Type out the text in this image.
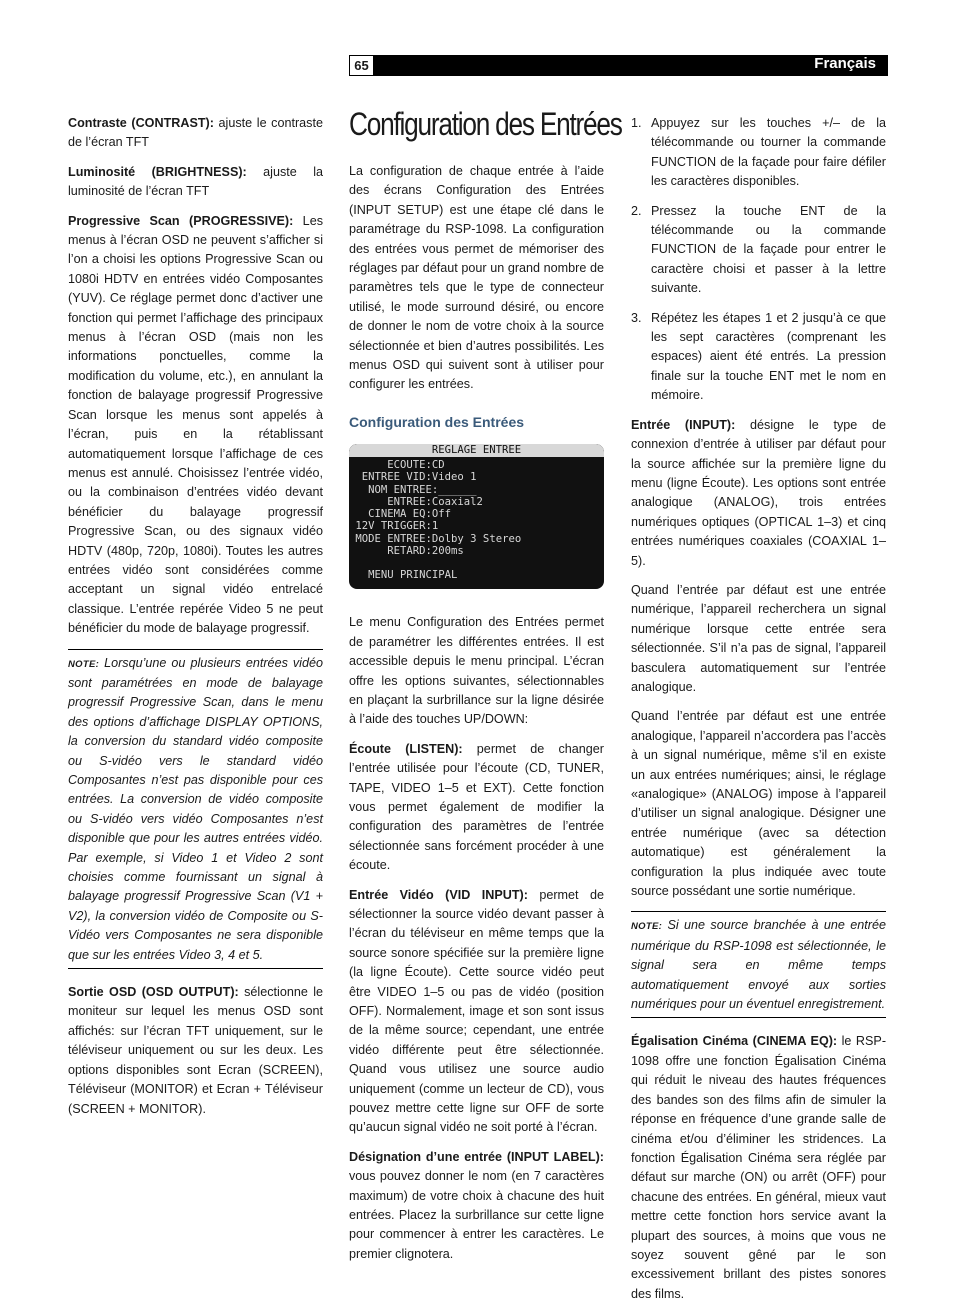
65	Français
Configuration des Entrées

Contraste (CONTRAST): ajuste le contraste de l’écran TFT

Luminosité (BRIGHTNESS): ajuste la luminosité de l’écran TFT

Progressive Scan (PROGRESSIVE): Les menus à l’écran OSD ne peuvent s’afficher si l’on a choisi les options Progressive Scan ou 1080i HDTV en entrées vidéo Composantes (YUV). Ce réglage permet donc d’activer une fonction qui permet l’affichage des principaux menus à l’écran OSD (mais non les informations ponctuelles, comme la modification du volume, etc.), en annulant la fonction de balayage progressif Progressive Scan lorsque les menus sont appelés à l’écran, puis en la rétablissant automatiquement lorsque l’affichage de ces menus est annulé. Choisissez l’entrée vidéo, ou la combinaison d’entrées vidéo devant bénéficier du balayage progressif Progressive Scan, ou des signaux vidéo HDTV (480p, 720p, 1080i). Toutes les autres entrées vidéo sont considérées comme acceptant un signal vidéo entrelacé classique. L’entrée repérée Video 5 ne peut bénéficier du mode de balayage progressif.

NOTE: Lorsqu’une ou plusieurs entrées vidéo sont paramétrées en mode de balayage progressif Progressive Scan, dans le menu des options d’affichage DISPLAY OPTIONS, la conversion du standard vidéo composite ou S-vidéo vers le standard vidéo Composantes n’est pas disponible pour ces entrées. La conversion de vidéo composite ou S-vidéo vers vidéo Composantes n’est disponible que pour les autres entrées vidéo. Par exemple, si Video 1 et Video 2 sont choisies comme fournissant un signal à balayage progressif Progressive Scan (V1 + V2), la conversion vidéo de Composite ou S-Vidéo vers Composantes ne sera disponible que sur les entrées Video 3, 4 et 5.

Sortie OSD (OSD OUTPUT): sélectionne le moniteur sur lequel les menus OSD sont affichés: sur l’écran TFT uniquement, sur le téléviseur uniquement ou sur les deux. Les options disponibles sont Ecran (SCREEN), Téléviseur (MONITOR) et Ecran + Téléviseur (SCREEN + MONITOR).

La configuration de chaque entrée à l’aide des écrans Configuration des Entrées (INPUT SETUP) est une étape clé dans le paramétrage du RSP-1098. La configuration des entrées vous permet de mémoriser des réglages par défaut pour un grand nombre de paramètres tels que le type de connecteur utilisé, le mode surround désiré, ou encore de donner le nom de votre choix à la source sélectionnée et bien d’autres possibilités. Les menus OSD qui suivent sont à utiliser pour configurer les entrées.

Configuration des Entrées
REGLAGE ENTREE
ECOUTE:CD
ENTREE VID:Video 1
NOM ENTREE:______
ENTREE:Coaxial2
CINEMA EQ:Off
12V TRIGGER:1
MODE ENTREE:Dolby 3 Stereo
RETARD:200ms

MENU PRINCIPAL

Le menu Configuration des Entrées permet de paramétrer les différentes entrées. Il est accessible depuis le menu principal. L’écran offre les options suivantes, sélectionnables en plaçant la surbrillance sur la ligne désirée à l’aide des touches UP/DOWN:

Écoute (LISTEN): permet de changer l’entrée utilisée pour l’écoute (CD, TUNER, TAPE, VIDEO 1–5 et EXT). Cette fonction vous permet également de modifier la configuration des paramètres de l’entrée sélectionnée sans forcément procéder à une écoute.

Entrée Vidéo (VID INPUT): permet de sélectionner la source vidéo devant passer à l’écran du téléviseur en même temps que la source sonore spécifiée sur la première ligne (la ligne Écoute). Cette source vidéo peut être VIDEO 1–5 ou pas de vidéo (position OFF). Normalement, image et son sont issus de la même source; cependant, une entrée vidéo différente peut être sélectionnée. Quand vous utilisez une source audio uniquement (comme un lecteur de CD), vous pouvez mettre cette ligne sur OFF de sorte qu’aucun signal vidéo ne soit porté à l’écran.

Désignation d’une entrée (INPUT LABEL): vous pouvez donner le nom (en 7 caractères maximum) de votre choix à chacune des huit entrées. Placez la surbrillance sur cette ligne pour commencer à entrer les caractères. Le premier clignotera.

1. Appuyez sur les touches +/– de la télécommande ou tourner la commande FUNCTION de la façade pour faire défiler les caractères disponibles.
2. Pressez la touche ENT de la télécommande ou la commande FUNCTION de la façade pour entrer le caractère choisi et passer à la lettre suivante.
3. Répétez les étapes 1 et 2 jusqu’à ce que les sept caractères (comprenant les espaces) aient été entrés. La pression finale sur la touche ENT met le nom en mémoire.

Entrée (INPUT): désigne le type de connexion d’entrée à utiliser par défaut pour la source affichée sur la première ligne du menu (ligne Écoute). Les options sont entrée analogique (ANALOG), trois entrées numériques optiques (OPTICAL 1–3) et cinq entrées numériques coaxiales (COAXIAL 1–5).

Quand l’entrée par défaut est une entrée numérique, l’appareil recherchera un signal numérique lorsque cette entrée sera sélectionnée. S’il n’a pas de signal, l’appareil basculera automatiquement sur l’entrée analogique.

Quand l’entrée par défaut est une entrée analogique, l’appareil n’accordera pas l’accès à un signal numérique, même s’il en existe un aux entrées numériques; ainsi, le réglage «analogique» (ANALOG) impose à l’appareil d’utiliser un signal analogique. Désigner une entrée numérique (avec sa détection automatique) est généralement la configuration la plus indiquée avec toute source possédant une sortie numérique.

NOTE: Si une source branchée à une entrée numérique du RSP-1098 est sélectionnée, le signal sera en même temps automatiquement envoyé aux sorties numériques pour un éventuel enregistrement.

Égalisation Cinéma (CINEMA EQ): le RSP-1098 offre une fonction Égalisation Cinéma qui réduit le niveau des hautes fréquences des bandes son des films afin de simuler la réponse en fréquence d’une grande salle de cinéma et/ou d’éliminer les stridences. La fonction Égalisation Cinéma sera réglée par défaut sur marche (ON) ou arrêt (OFF) pour chacune des entrées. En général, mieux vaut mettre cette fonction hors service avant la plupart des sources, à moins que vous ne soyez souvent gêné par le son excessivement brillant des pistes sonores des films.
